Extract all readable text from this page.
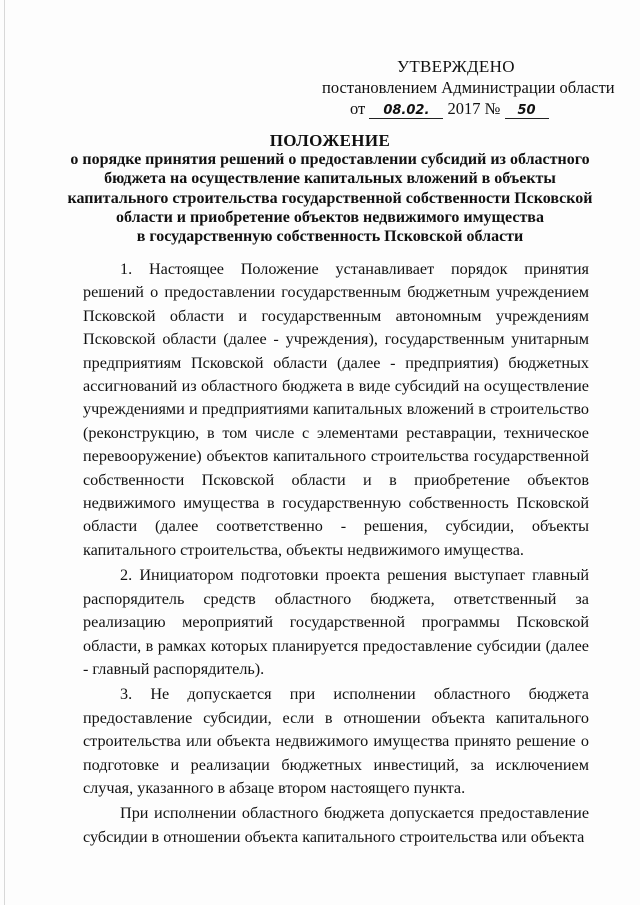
УТВЕРЖДЕНО
постановлением Администрации области
от 08.02. 2017 № 50
ПОЛОЖЕНИЕ
о порядке принятия решений о предоставлении субсидий из областного
бюджета на осуществление капитальных вложений в объекты
капитального строительства государственной собственности Псковской
области и приобретение объектов недвижимого имущества
в государственную собственность Псковской области

1. Настоящее Положение устанавливает порядок принятия решений о предоставлении государственным бюджетным учреждением Псковской области и государственным автономным учреждениям Псковской области (далее - учреждения), государственным унитарным предприятиям Псковской области (далее - предприятия) бюджетных ассигнований из областного бюджета в виде субсидий на осуществление учреждениями и предприятиями капитальных вложений в строительство (реконструкцию, в том числе с элементами реставрации, техническое перевооружение) объектов капитального строительства государственной собственности Псковской области и в приобретение объектов недвижимого имущества в государственную собственность Псковской области (далее соответственно - решения, субсидии, объекты капитального строительства, объекты недвижимого имущества.

2. Инициатором подготовки проекта решения выступает главный распорядитель средств областного бюджета, ответственный за реализацию мероприятий государственной программы Псковской области, в рамках которых планируется предоставление субсидии (далее - главный распорядитель).

3. Не допускается при исполнении областного бюджета предоставление субсидии, если в отношении объекта капитального строительства или объекта недвижимого имущества принято решение о подготовке и реализации бюджетных инвестиций, за исключением случая, указанного в абзаце втором настоящего пункта.

При исполнении областного бюджета допускается предоставление субсидии в отношении объекта капитального строительства или объекта
